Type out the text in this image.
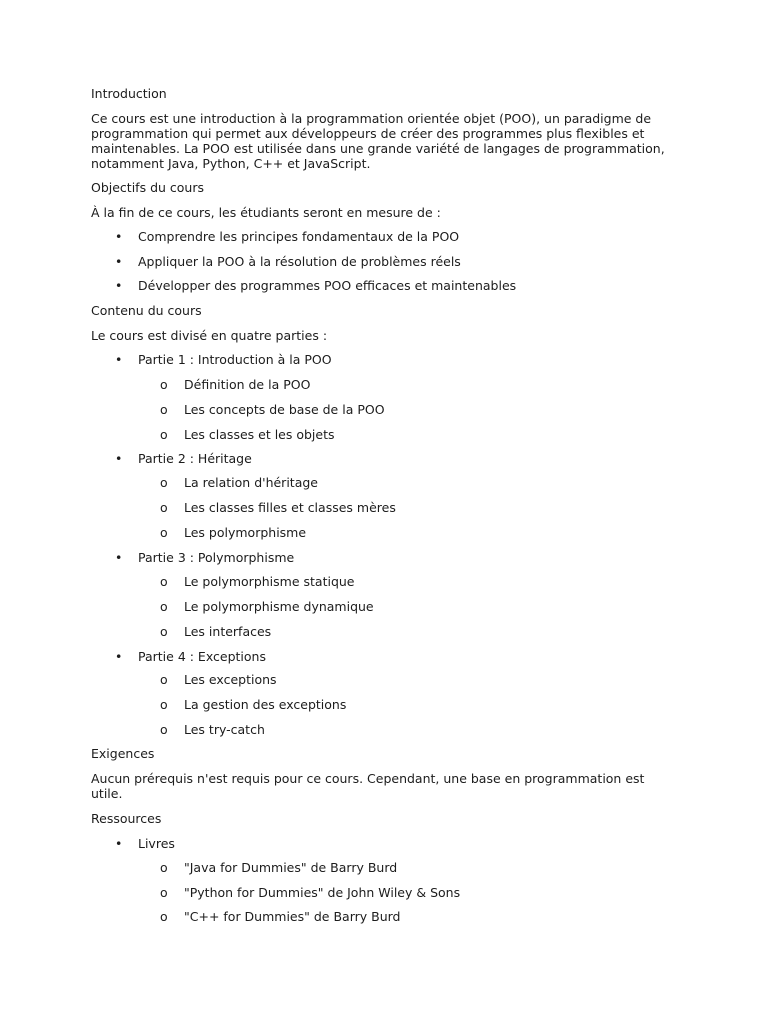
Introduction
Ce cours est une introduction à la programmation orientée objet (POO), un paradigme de
programmation qui permet aux développeurs de créer des programmes plus flexibles et
maintenables. La POO est utilisée dans une grande variété de langages de programmation,
notamment Java, Python, C++ et JavaScript.
Objectifs du cours
À la fin de ce cours, les étudiants seront en mesure de :
• Comprendre les principes fondamentaux de la POO
• Appliquer la POO à la résolution de problèmes réels
• Développer des programmes POO efficaces et maintenables
Contenu du cours
Le cours est divisé en quatre parties :
• Partie 1 : Introduction à la POO
o Définition de la POO
o Les concepts de base de la POO
o Les classes et les objets
• Partie 2 : Héritage
o La relation d'héritage
o Les classes filles et classes mères
o Les polymorphisme
• Partie 3 : Polymorphisme
o Le polymorphisme statique
o Le polymorphisme dynamique
o Les interfaces
• Partie 4 : Exceptions
o Les exceptions
o La gestion des exceptions
o Les try-catch
Exigences
Aucun prérequis n'est requis pour ce cours. Cependant, une base en programmation est
utile.
Ressources
• Livres
o "Java for Dummies" de Barry Burd
o "Python for Dummies" de John Wiley & Sons
o "C++ for Dummies" de Barry Burd
